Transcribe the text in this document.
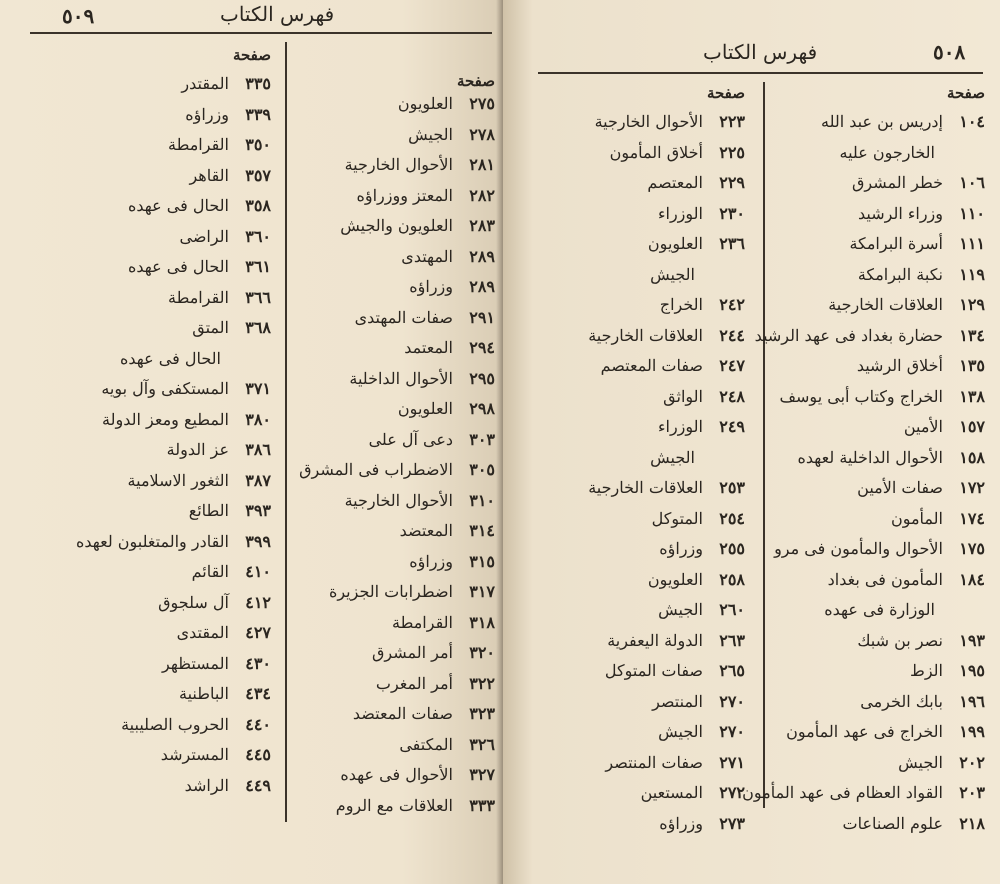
٥٠٩	فهرس الكتاب
صفحة
٣٣٥المقتدر
٣٣٩وزراؤه
٣٥٠القرامطة
٣٥٧القاهر
٣٥٨الحال فى عهده
٣٦٠الراضى
٣٦١الحال فى عهده
٣٦٦القرامطة
٣٦٨المتق
الحال فى عهده
٣٧١المستكفى وآل بويه
٣٨٠المطيع ومعز الدولة
٣٨٦عز الدولة
٣٨٧الثغور الاسلامية
٣٩٣الطائع
٣٩٩القادر والمتغلبون لعهده
٤١٠القائم
٤١٢آل سلجوق
٤٢٧المقتدى
٤٣٠المستظهر
٤٣٤الباطنية
٤٤٠الحروب الصليبية
٤٤٥المسترشد
٤٤٩الراشد
صفحة
٢٧٥العلويون
٢٧٨الجيش
٢٨١الأحوال الخارجية
٢٨٢المعتز ووزراؤه
٢٨٣العلويون والجيش
٢٨٩المهتدى
٢٨٩وزراؤه
٢٩١صفات المهتدى
٢٩٤المعتمد
٢٩٥الأحوال الداخلية
٢٩٨العلويون
٣٠٣دعى آل على
٣٠٥الاضطراب فى المشرق
٣١٠الأحوال الخارجية
٣١٤المعتضد
٣١٥وزراؤه
٣١٧اضطرابات الجزيرة
٣١٨القرامطة
٣٢٠أمر المشرق
٣٢٢أمر المغرب
٣٢٣صفات المعتضد
٣٢٦المكتفى
٣٢٧الأحوال فى عهده
٣٣٣العلاقات مع الروم
فهرس الكتاب	٥٠٨
صفحة
١٠٤إدريس بن عبد الله
الخارجون عليه
١٠٦خطر المشرق
١١٠وزراء الرشيد
١١١أسرة البرامكة
١١٩نكبة البرامكة
١٢٩العلاقات الخارجية
١٣٤حضارة بغداد فى عهد الرشيد
١٣٥أخلاق الرشيد
١٣٨الخراج وكتاب أبى يوسف
١٥٧الأمين
١٥٨الأحوال الداخلية لعهده
١٧٢صفات الأمين
١٧٤المأمون
١٧٥الأحوال والمأمون فى مرو
١٨٤المأمون فى بغداد
الوزارة فى عهده
١٩٣نصر بن شبك
١٩٥الزط
١٩٦بابك الخرمى
١٩٩الخراج فى عهد المأمون
٢٠٢الجيش
٢٠٣القواد العظام فى عهد المأمون
٢١٨علوم الصناعات
صفحة
٢٢٣الأحوال الخارجية
٢٢٥أخلاق المأمون
٢٢٩المعتصم
٢٣٠الوزراء
٢٣٦العلويون
الجيش
٢٤٢الخراج
٢٤٤العلاقات الخارجية
٢٤٧صفات المعتصم
٢٤٨الواثق
٢٤٩الوزراء
الجيش
٢٥٣العلاقات الخارجية
٢٥٤المتوكل
٢٥٥وزراؤه
٢٥٨العلويون
٢٦٠الجيش
٢٦٣الدولة اليعفرية
٢٦٥صفات المتوكل
٢٧٠المنتصر
٢٧٠الجيش
٢٧١صفات المنتصر
٢٧٢المستعين
٢٧٣وزراؤه
